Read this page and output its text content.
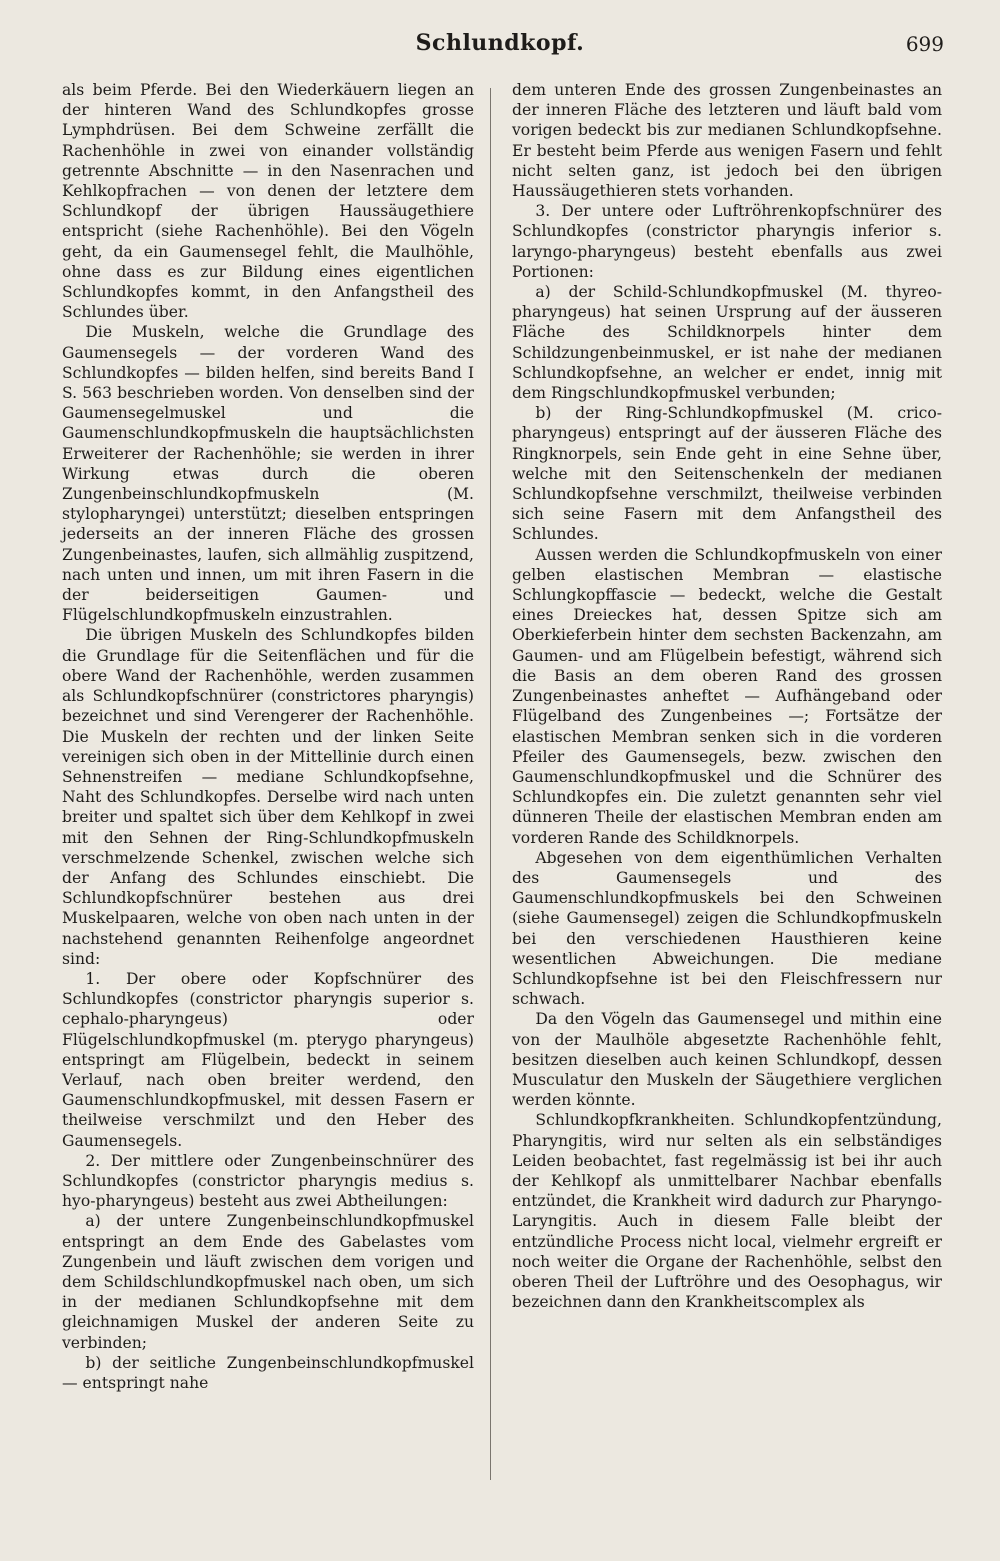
Schlundkopf.	699

als beim Pferde. Bei den Wiederkäuern liegen an der hinteren Wand des Schlundkopfes grosse Lymphdrüsen. Bei dem Schweine zerfällt die Rachenhöhle in zwei von einander vollständig getrennte Abschnitte — in den Nasenrachen und Kehlkopfrachen — von denen der letztere dem Schlundkopf der übrigen Haussäugethiere entspricht (siehe Rachenhöhle). Bei den Vögeln geht, da ein Gaumensegel fehlt, die Maulhöhle, ohne dass es zur Bildung eines eigentlichen Schlundkopfes kommt, in den Anfangstheil des Schlundes über.

Die Muskeln, welche die Grundlage des Gaumensegels — der vorderen Wand des Schlundkopfes — bilden helfen, sind bereits Band I S. 563 beschrieben worden. Von denselben sind der Gaumensegelmuskel und die Gaumenschlundkopfmuskeln die hauptsächlichsten Erweiterer der Rachenhöhle; sie werden in ihrer Wirkung etwas durch die oberen Zungenbeinschlundkopfmuskeln (M. stylopharyngei) unterstützt; dieselben entspringen jederseits an der inneren Fläche des grossen Zungenbeinastes, laufen, sich allmählig zuspitzend, nach unten und innen, um mit ihren Fasern in die der beiderseitigen Gaumen- und Flügelschlundkopfmuskeln einzustrahlen.

Die übrigen Muskeln des Schlundkopfes bilden die Grundlage für die Seitenflächen und für die obere Wand der Rachenhöhle, werden zusammen als Schlundkopfschnürer (constrictores pharyngis) bezeichnet und sind Verengerer der Rachenhöhle. Die Muskeln der rechten und der linken Seite vereinigen sich oben in der Mittellinie durch einen Sehnenstreifen — mediane Schlundkopfsehne, Naht des Schlundkopfes. Derselbe wird nach unten breiter und spaltet sich über dem Kehlkopf in zwei mit den Sehnen der Ring-Schlundkopfmuskeln verschmelzende Schenkel, zwischen welche sich der Anfang des Schlundes einschiebt. Die Schlundkopfschnürer bestehen aus drei Muskelpaaren, welche von oben nach unten in der nachstehend genannten Reihenfolge angeordnet sind:

1. Der obere oder Kopfschnürer des Schlundkopfes (constrictor pharyngis superior s. cephalo-pharyngeus) oder Flügelschlundkopfmuskel (m. pterygo pharyngeus) entspringt am Flügelbein, bedeckt in seinem Verlauf, nach oben breiter werdend, den Gaumenschlundkopfmuskel, mit dessen Fasern er theilweise verschmilzt und den Heber des Gaumensegels.

2. Der mittlere oder Zungenbeinschnürer des Schlundkopfes (constrictor pharyngis medius s. hyo-pharyngeus) besteht aus zwei Abtheilungen:

a) der untere Zungenbeinschlundkopfmuskel entspringt an dem Ende des Gabelastes vom Zungenbein und läuft zwischen dem vorigen und dem Schildschlundkopfmuskel nach oben, um sich in der medianen Schlundkopfsehne mit dem gleichnamigen Muskel der anderen Seite zu verbinden;

b) der seitliche Zungenbeinschlundkopfmuskel — entspringt nahe

dem unteren Ende des grossen Zungenbeinastes an der inneren Fläche des letzteren und läuft bald vom vorigen bedeckt bis zur medianen Schlundkopfsehne. Er besteht beim Pferde aus wenigen Fasern und fehlt nicht selten ganz, ist jedoch bei den übrigen Haussäugethieren stets vorhanden.

3. Der untere oder Luftröhrenkopfschnürer des Schlundkopfes (constrictor pharyngis inferior s. laryngo-pharyngeus) besteht ebenfalls aus zwei Portionen:

a) der Schild-Schlundkopfmuskel (M. thyreo-pharyngeus) hat seinen Ursprung auf der äusseren Fläche des Schildknorpels hinter dem Schildzungenbeinmuskel, er ist nahe der medianen Schlundkopfsehne, an welcher er endet, innig mit dem Ringschlundkopfmuskel verbunden;

b) der Ring-Schlundkopfmuskel (M. crico-pharyngeus) entspringt auf der äusseren Fläche des Ringknorpels, sein Ende geht in eine Sehne über, welche mit den Seitenschenkeln der medianen Schlundkopfsehne verschmilzt, theilweise verbinden sich seine Fasern mit dem Anfangstheil des Schlundes.

Aussen werden die Schlundkopfmuskeln von einer gelben elastischen Membran — elastische Schlungkopffascie — bedeckt, welche die Gestalt eines Dreieckes hat, dessen Spitze sich am Oberkieferbein hinter dem sechsten Backenzahn, am Gaumen- und am Flügelbein befestigt, während sich die Basis an dem oberen Rand des grossen Zungenbeinastes anheftet — Aufhängeband oder Flügelband des Zungenbeines —; Fortsätze der elastischen Membran senken sich in die vorderen Pfeiler des Gaumensegels, bezw. zwischen den Gaumenschlundkopfmuskel und die Schnürer des Schlundkopfes ein. Die zuletzt genannten sehr viel dünneren Theile der elastischen Membran enden am vorderen Rande des Schildknorpels.

Abgesehen von dem eigenthümlichen Verhalten des Gaumensegels und des Gaumenschlundkopfmuskels bei den Schweinen (siehe Gaumensegel) zeigen die Schlundkopfmuskeln bei den verschiedenen Hausthieren keine wesentlichen Abweichungen. Die mediane Schlundkopfsehne ist bei den Fleischfressern nur schwach.

Da den Vögeln das Gaumensegel und mithin eine von der Maulhöle abgesetzte Rachenhöhle fehlt, besitzen dieselben auch keinen Schlundkopf, dessen Musculatur den Muskeln der Säugethiere verglichen werden könnte.

Schlundkopfkrankheiten. Schlundkopfentzündung, Pharyngitis, wird nur selten als ein selbständiges Leiden beobachtet, fast regelmässig ist bei ihr auch der Kehlkopf als unmittelbarer Nachbar ebenfalls entzündet, die Krankheit wird dadurch zur Pharyngo-Laryngitis. Auch in diesem Falle bleibt der entzündliche Process nicht local, vielmehr ergreift er noch weiter die Organe der Rachenhöhle, selbst den oberen Theil der Luftröhre und des Oesophagus, wir bezeichnen dann den Krankheitscomplex als
